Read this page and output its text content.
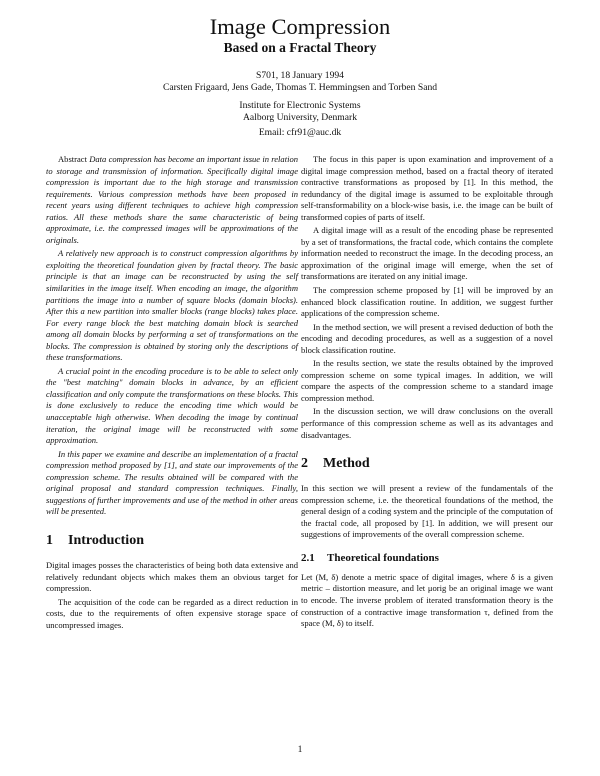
Image Compression
Based on a Fractal Theory
S701, 18 January 1994
Carsten Frigaard, Jens Gade, Thomas T. Hemmingsen and Torben Sand
Institute for Electronic Systems
Aalborg University, Denmark
Email: cfr91@auc.dk

Abstract Data compression has become an important issue in relation to storage and transmission of information. Specifically digital image compression is important due to the high storage and transmission requirements. Various compression methods have been proposed in recent years using different techniques to achieve high compression ratios. All these methods share the same characteristic of being approximate, i.e. the compressed images will be approximations of the originals.

A relatively new approach is to construct compression algorithms by exploiting the theoretical foundation given by fractal theory. The basic principle is that an image can be reconstructed by using the self similarities in the image itself. When encoding an image, the algorithm partitions the image into a number of square blocks (domain blocks). After this a new partition into smaller blocks (range blocks) takes place. For every range block the best matching domain block is searched among all domain blocks by performing a set of transformations on the blocks. The compression is obtained by storing only the descriptions of these transformations.

A crucial point in the encoding procedure is to be able to select only the "best matching" domain blocks in advance, by an efficient classification and only compute the transformations on these blocks. This is done exclusively to reduce the encoding time which would be unacceptable high otherwise. When decoding the image by continual iteration, the original image will be reconstructed with some approximation.

In this paper we examine and describe an implementation of a fractal compression method proposed by [1], and state our improvements of the compression scheme. The results obtained will be compared with the original proposal and standard compression techniques. Finally, suggestions of further improvements and use of the method in other areas will be presented.

1 Introduction

Digital images posses the characteristics of being both data extensive and relatively redundant objects which makes them an obvious target for compression.

The acquisition of the code can be regarded as a direct reduction in costs, due to the requirements of often expensive storage space of uncompressed images.

The focus in this paper is upon examination and improvement of a digital image compression method, based on a fractal theory of iterated contractive transformations as proposed by [1]. In this method, the redundancy of the digital image is assumed to be exploitable through self-transformability on a block-wise basis, i.e. the image can be built of transformed copies of parts of itself.

A digital image will as a result of the encoding phase be represented by a set of transformations, the fractal code, which contains the complete information needed to reconstruct the image. In the decoding process, an approximation of the original image will emerge, when the set of transformations are iterated on any initial image.

The compression scheme proposed by [1] will be improved by an enhanced block classification routine. In addition, we suggest further applications of the compression scheme.

In the method section, we will present a revised deduction of both the encoding and decoding procedures, as well as a suggestion of a novel block classification routine.

In the results section, we state the results obtained by the improved compression scheme on some typical images. In addition, we will compare the aspects of the compression scheme to a standard image compression method.

In the discussion section, we will draw conclusions on the overall performance of this compression scheme as well as its advantages and disadvantages.

2 Method

In this section we will present a review of the fundamentals of the compression scheme, i.e. the theoretical foundations of the method, the general design of a coding system and the principle of the computation of the fractal code, all proposed by [1]. In addition, we will present our suggestions of improvements of the overall compression scheme.

2.1 Theoretical foundations

Let (M, δ) denote a metric space of digital images, where δ is a given metric – distortion measure, and let μorig be an original image we want to encode. The inverse problem of iterated transformation theory is the construction of a contractive image transformation τ, defined from the space (M, δ) to itself.

1
